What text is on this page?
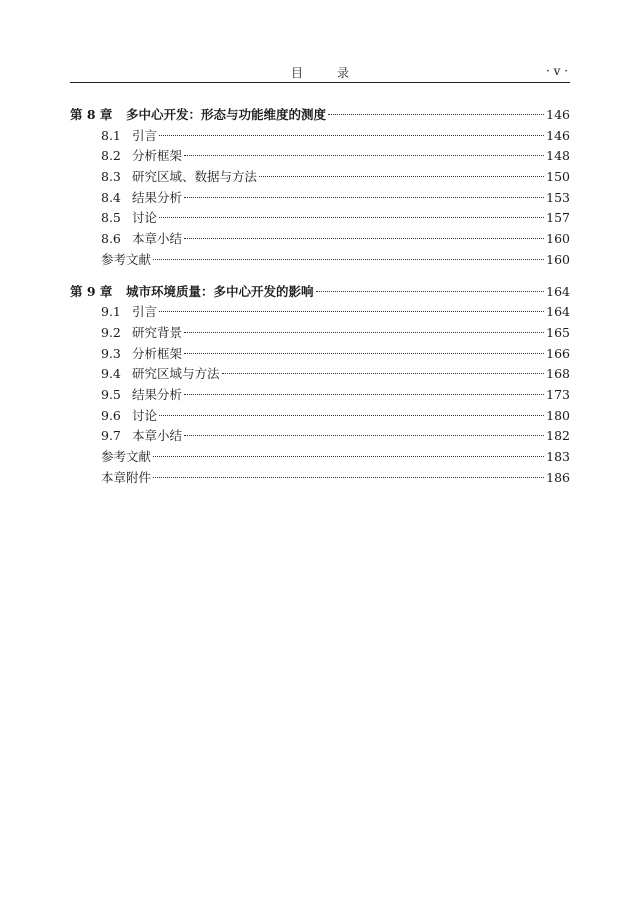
目录	· v ·
第 8 章	多中心开发：形态与功能维度的测度	146
8.1 引言	146
8.2 分析框架	148
8.3 研究区域、数据与方法	150
8.4 结果分析	153
8.5 讨论	157
8.6 本章小结	160
参考文献	160
第 9 章	城市环境质量：多中心开发的影响	164
9.1 引言	164
9.2 研究背景	165
9.3 分析框架	166
9.4 研究区域与方法	168
9.5 结果分析	173
9.6 讨论	180
9.7 本章小结	182
参考文献	183
本章附件	186
